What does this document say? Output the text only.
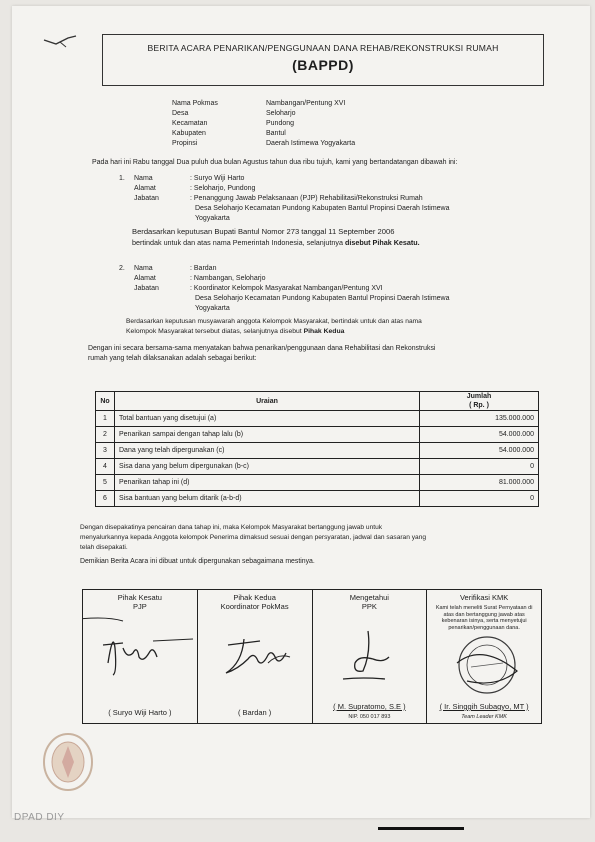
BERITA ACARA PENARIKAN/PENGGUNAAN DANA REHAB/REKONSTRUKSI RUMAH
(BAPPD)
Nama Pokmas	Nambangan/Pentung XVI
Desa	Seloharjo
Kecamatan	Pundong
Kabupaten	Bantul
Propinsi	Daerah Istimewa Yogyakarta
Pada hari ini Rabu tanggal Dua puluh dua bulan Agustus tahun dua ribu tujuh, kami yang bertandatangan dibawah ini:
1. Nama	: Suryo Wiji Harto
Alamat	: Seloharjo, Pundong
Jabatan	: Penanggung Jawab Pelaksanaan (PJP) Rehabilitasi/Rekonstruksi Rumah
Desa Seloharjo Kecamatan Pundong Kabupaten Bantul Propinsi Daerah Istimewa
Yogyakarta
Berdasarkan keputusan Bupati Bantul Nomor 273 tanggal 11 September 2006
bertindak untuk dan atas nama Pemerintah Indonesia, selanjutnya disebut Pihak Kesatu.
2. Nama	: Bardan
Alamat	: Nambangan, Seloharjo
Jabatan	: Koordinator Kelompok Masyarakat Nambangan/Pentung XVI
Desa Seloharjo Kecamatan Pundong Kabupaten Bantul Propinsi Daerah Istimewa
Yogyakarta
Berdasarkan keputusan musyawarah anggota Kelompok Masyarakat, bertindak untuk dan atas nama
Kelompok Masyarakat tersebut diatas, selanjutnya disebut Pihak Kedua
Dengan ini secara bersama-sama menyatakan bahwa penarikan/penggunaan dana Rehabilitasi dan Rekonstruksi
rumah yang telah dilaksanakan adalah sebagai berikut:
No	Uraian	Jumlah
( Rp. )

1	Total bantuan yang disetujui (a)	135.000.000
2	Penarikan sampai dengan tahap lalu (b)	54.000.000
3	Dana yang telah dipergunakan (c)	54.000.000
4	Sisa dana yang belum dipergunakan (b-c)	0
5	Penarikan tahap ini (d)	81.000.000
6	Sisa bantuan yang belum ditarik (a-b-d)	0
Dengan disepakatinya pencairan dana tahap ini, maka Kelompok Masyarakat bertanggung jawab untuk
menyalurkannya kepada Anggota kelompok Penerima dimaksud sesuai dengan persyaratan, jadwal dan sasaran yang
telah disepakati.
Demikian Berita Acara ini dibuat untuk dipergunakan sebagaimana mestinya.
Pihak Kesatu
PJP
( Suryo Wiji Harto )

Pihak Kedua
Koordinator PokMas
( Bardan )

Mengetahui
PPK
( M. Supratomo, S.E )
NIP. 050 017 893

Verifikasi KMK
Kami telah meneliti Surat Pernyataan di atas dan bertanggung jawab atas kebenaran isinya, serta menyetujui penarikan/penggunaan dana.
( Ir. Singgih Subagyo, MT )
Team Leader KMK
DPAD DIY
